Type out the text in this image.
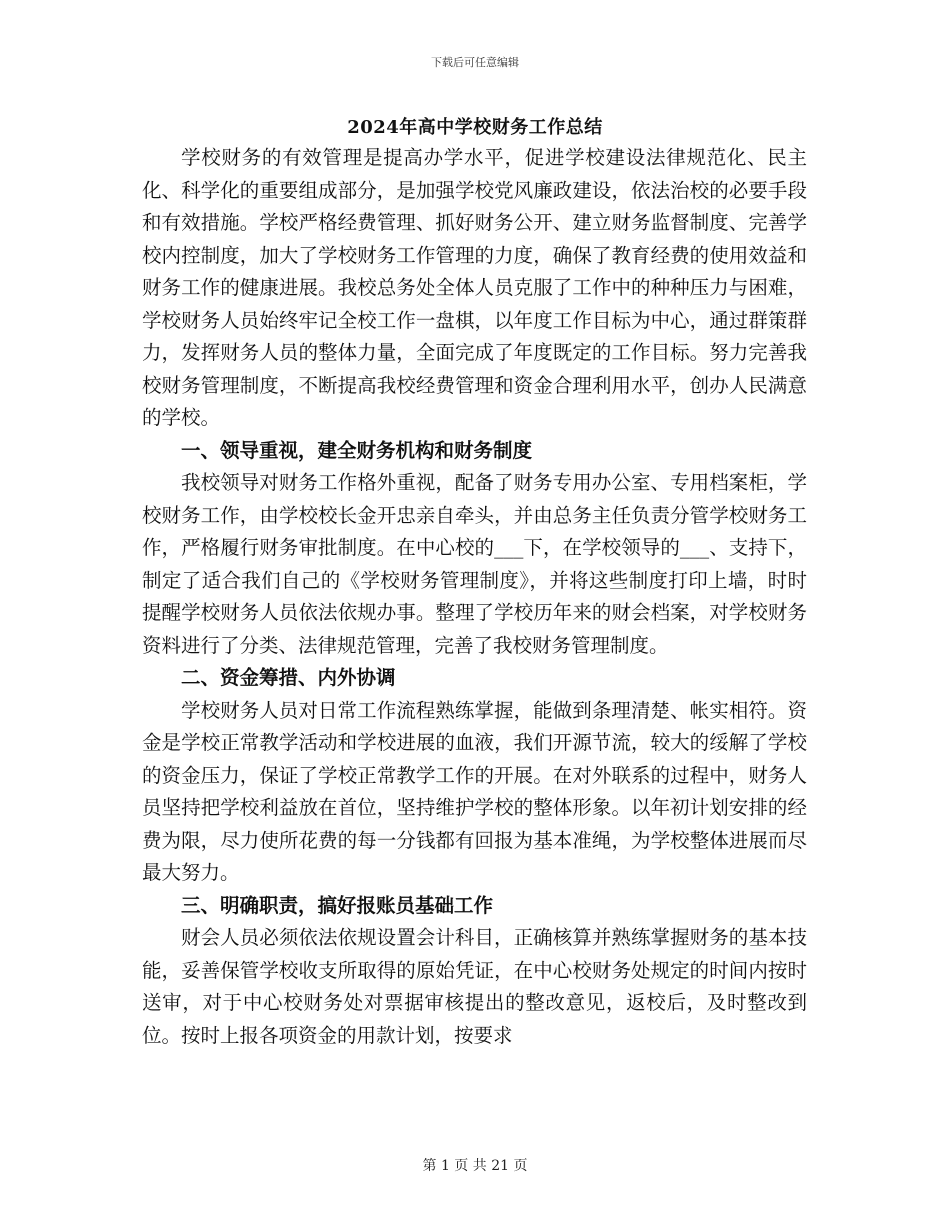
下载后可任意编辑
2024年高中学校财务工作总结

学校财务的有效管理是提高办学水平，促进学校建设法律规范化、民主化、科学化的重要组成部分，是加强学校党风廉政建设，依法治校的必要手段和有效措施。学校严格经费管理、抓好财务公开、建立财务监督制度、完善学校内控制度，加大了学校财务工作管理的力度，确保了教育经费的使用效益和财务工作的健康进展。我校总务处全体人员克服了工作中的种种压力与困难，学校财务人员始终牢记全校工作一盘棋，以年度工作目标为中心，通过群策群力，发挥财务人员的整体力量，全面完成了年度既定的工作目标。努力完善我校财务管理制度，不断提高我校经费管理和资金合理利用水平，创办人民满意的学校。

一、领导重视，建全财务机构和财务制度

我校领导对财务工作格外重视，配备了财务专用办公室、专用档案柜，学校财务工作，由学校校长金开忠亲自牵头，并由总务主任负责分管学校财务工作，严格履行财务审批制度。在中心校的___下，在学校领导的___、支持下，制定了适合我们自己的《学校财务管理制度》，并将这些制度打印上墙，时时提醒学校财务人员依法依规办事。整理了学校历年来的财会档案，对学校财务资料进行了分类、法律规范管理，完善了我校财务管理制度。

二、资金筹措、内外协调

学校财务人员对日常工作流程熟练掌握，能做到条理清楚、帐实相符。资金是学校正常教学活动和学校进展的血液，我们开源节流，较大的绥解了学校的资金压力，保证了学校正常教学工作的开展。在对外联系的过程中，财务人员坚持把学校利益放在首位，坚持维护学校的整体形象。以年初计划安排的经费为限，尽力使所花费的每一分钱都有回报为基本准绳，为学校整体进展而尽最大努力。

三、明确职责，搞好报账员基础工作

财会人员必须依法依规设置会计科目，正确核算并熟练掌握财务的基本技能，妥善保管学校收支所取得的原始凭证，在中心校财务处规定的时间内按时送审，对于中心校财务处对票据审核提出的整改意见，返校后，及时整改到位。按时上报各项资金的用款计划，按要求

第 1 页 共 21 页
